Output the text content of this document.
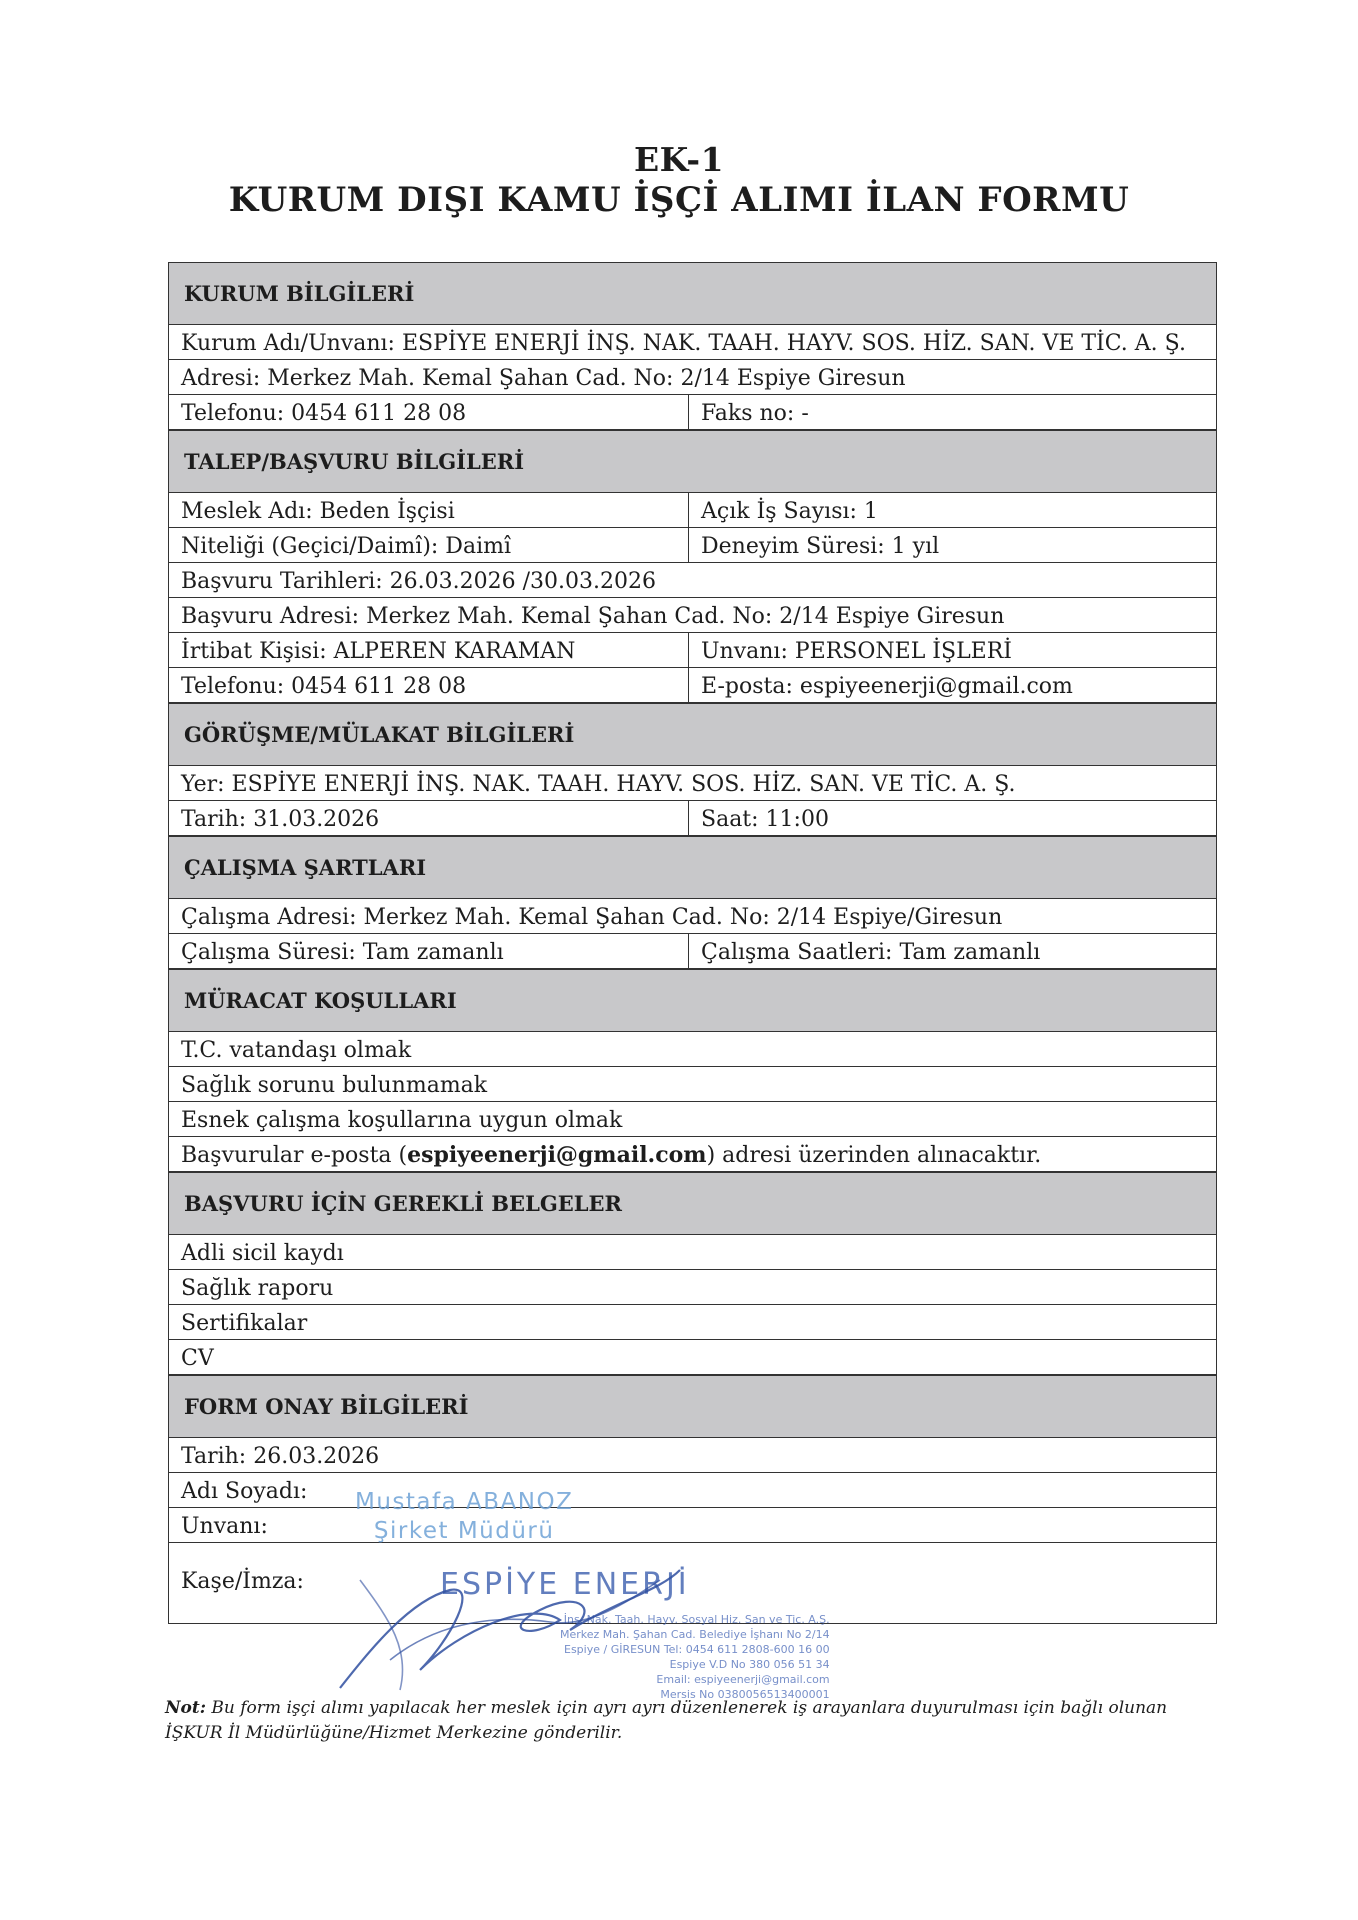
EK-1
KURUM DIŞI KAMU İŞÇİ ALIMI İLAN FORMU
KURUM BİLGİLERİ
Kurum Adı/Unvanı: ESPİYE ENERJİ İNŞ. NAK. TAAH. HAYV. SOS. HİZ. SAN. VE TİC. A. Ş.
Adresi: Merkez Mah. Kemal Şahan Cad. No: 2/14 Espiye Giresun
Telefonu: 0454 611 28 08	Faks no: -
TALEP/BAŞVURU BİLGİLERİ
Meslek Adı: Beden İşçisi	Açık İş Sayısı: 1
Niteliği (Geçici/Daimî): Daimî	Deneyim Süresi: 1 yıl
Başvuru Tarihleri: 26.03.2026 /30.03.2026
Başvuru Adresi: Merkez Mah. Kemal Şahan Cad. No: 2/14 Espiye Giresun
İrtibat Kişisi: ALPEREN KARAMAN	Unvanı: PERSONEL İŞLERİ
Telefonu: 0454 611 28 08	E-posta: espiyeenerji@gmail.com
GÖRÜŞME/MÜLAKAT BİLGİLERİ
Yer: ESPİYE ENERJİ İNŞ. NAK. TAAH. HAYV. SOS. HİZ. SAN. VE TİC. A. Ş.
Tarih: 31.03.2026	Saat: 11:00
ÇALIŞMA ŞARTLARI
Çalışma Adresi: Merkez Mah. Kemal Şahan Cad. No: 2/14 Espiye/Giresun
Çalışma Süresi: Tam zamanlı	Çalışma Saatleri: Tam zamanlı
MÜRACAT KOŞULLARI
T.C. vatandaşı olmak
Sağlık sorunu bulunmamak
Esnek çalışma koşullarına uygun olmak
Başvurular e-posta ( espiyeenerji@gmail.com ) adresi üzerinden alınacaktır.
BAŞVURU İÇİN GEREKLİ BELGELER
Adli sicil kaydı
Sağlık raporu
Sertifikalar
CV
FORM ONAY BİLGİLERİ
Tarih: 26.03.2026
Adı Soyadı:
Unvanı:
Kaşe/İmza:
Mustafa ABANOZ
Şirket Müdürü
ESPİYE ENERJİ
İnş. Nak. Taah. Hayv. Sosyal Hiz. San ve Tic. A.Ş.
Merkez Mah. Şahan Cad. Belediye İşhanı No 2/14
Espiye / GİRESUN Tel: 0454 611 2808-600 16 00
Espiye V.D No 380 056 51 34
Email: espiyeenerji@gmail.com
Mersis No 0380056513400001
Not: Bu form işçi alımı yapılacak her meslek için ayrı ayrı düzenlenerek iş arayanlara duyurulması için bağlı olunan İŞKUR İl Müdürlüğüne/Hizmet Merkezine gönderilir.
